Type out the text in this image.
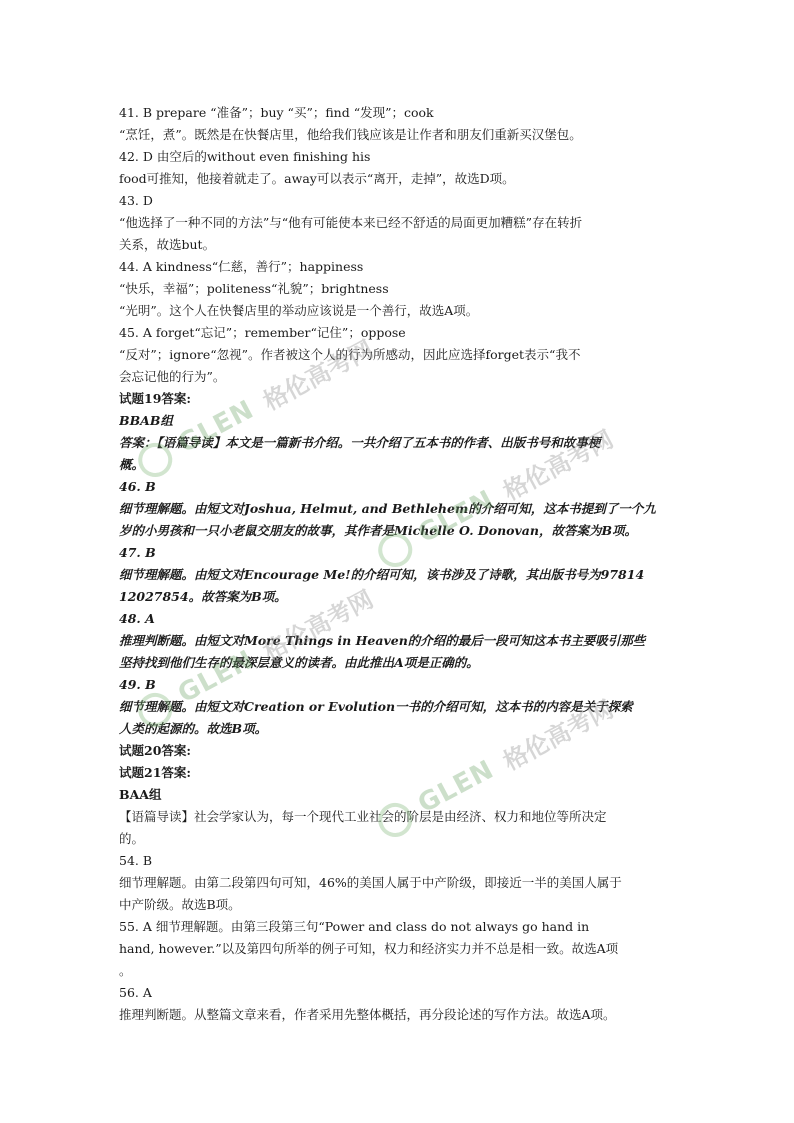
41. B prepare “准备”；buy “买”；find “发现”；cook
“烹饪，煮”。既然是在快餐店里，他给我们钱应该是让作者和朋友们重新买汉堡包。
42. D 由空后的without even finishing his
food可推知，他接着就走了。away可以表示“离开，走掉”，故选D项。
43. D
“他选择了一种不同的方法”与“他有可能使本来已经不舒适的局面更加糟糕”存在转折
关系，故选but。
44. A kindness“仁慈，善行”；happiness
“快乐，幸福”；politeness“礼貌”；brightness
“光明”。这个人在快餐店里的举动应该说是一个善行，故选A项。
45. A forget“忘记”；remember“记住”；oppose
“反对”；ignore“忽视”。作者被这个人的行为所感动，因此应选择forget表示“我不
会忘记他的行为”。
试题19答案:
BBAB组
答案：【语篇导读】本文是一篇新书介绍。一共介绍了五本书的作者、出版书号和故事梗
概。
46. B
细节理解题。由短文对Joshua, Helmut, and Bethlehem的介绍可知，这本书提到了一个九
岁的小男孩和一只小老鼠交朋友的故事，其作者是Michelle O. Donovan，故答案为B项。
47. B
细节理解题。由短文对Encourage Me!的介绍可知，该书涉及了诗歌，其出版书号为97814
12027854。故答案为B项。
48. A
推理判断题。由短文对More Things in Heaven的介绍的最后一段可知这本书主要吸引那些
坚持找到他们生存的最深层意义的读者。由此推出A项是正确的。
49. B
细节理解题。由短文对Creation or Evolution一书的介绍可知，这本书的内容是关于探索
人类的起源的。故选B项。
试题20答案:
试题21答案:
BAA组
【语篇导读】社会学家认为，每一个现代工业社会的阶层是由经济、权力和地位等所决定
的。
54. B
细节理解题。由第二段第四句可知，46%的美国人属于中产阶级，即接近一半的美国人属于
中产阶级。故选B项。
55. A 细节理解题。由第三段第三句“Power and class do not always go hand in
hand, however.”以及第四句所举的例子可知，权力和经济实力并不总是相一致。故选A项
。
56. A
推理判断题。从整篇文章来看，作者采用先整体概括，再分段论述的写作方法。故选A项。
GLEN 格伦高考网
GLEN 格伦高考网
GLEN 格伦高考网
GLEN 格伦高考网
